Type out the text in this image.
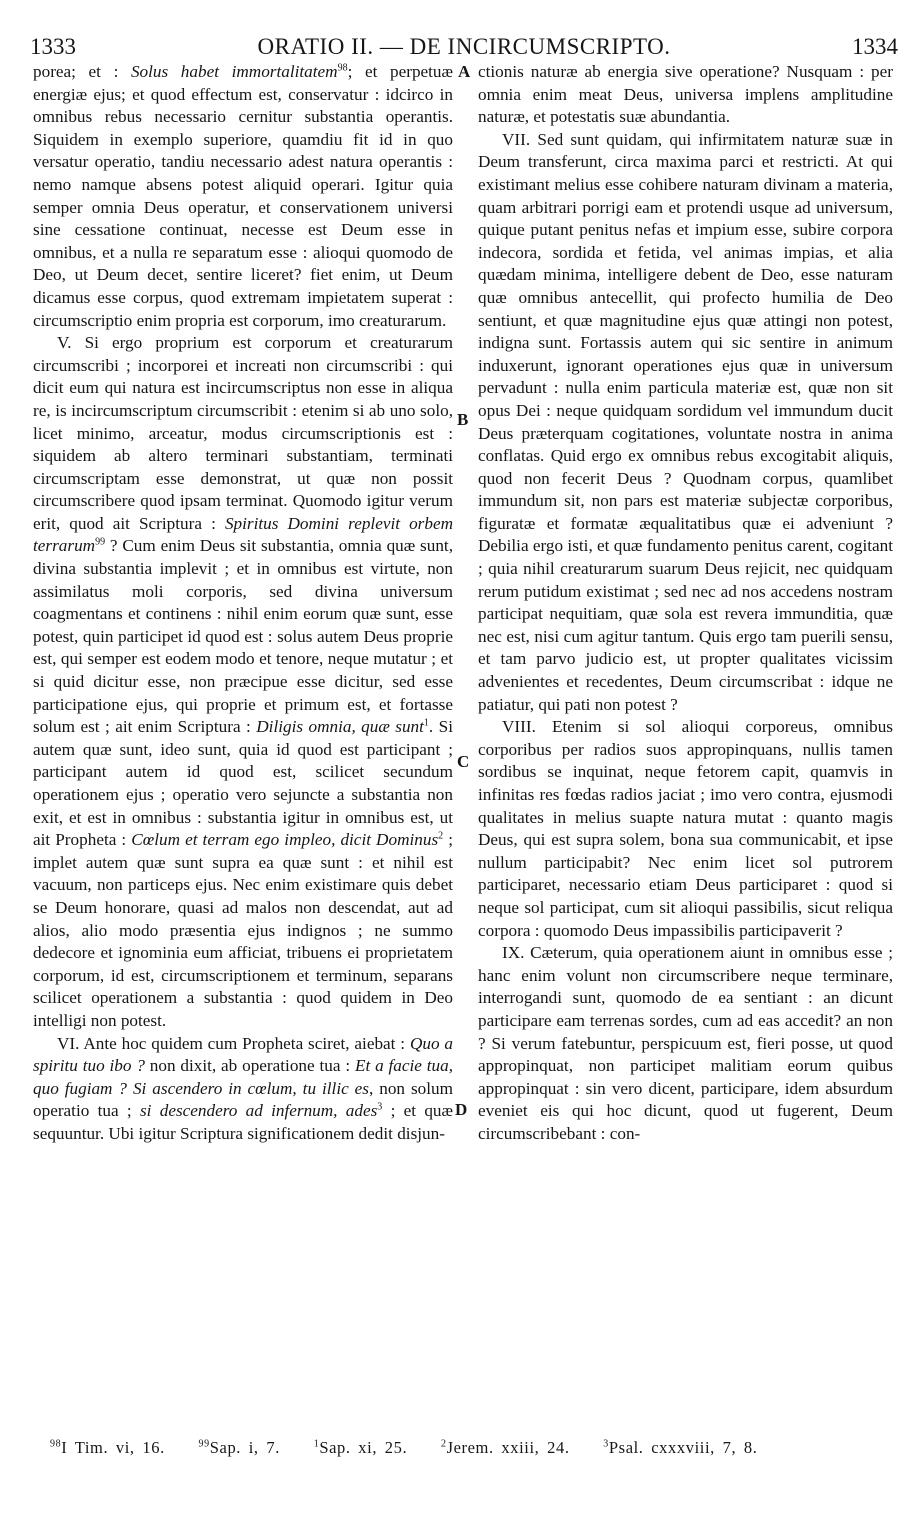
1333	ORATIO II. — DE INCIRCUMSCRIPTO.	1334

porea; et : Solus habet immortalitatem$^{98}$; et perpetuæ energiæ ejus; et quod effectum est, conservatur : idcirco in omnibus rebus necessario cernitur substantia operantis. Siquidem in exemplo superiore, quamdiu fit id in quo versatur operatio, tandiu necessario adest natura operantis : nemo namque absens potest aliquid operari. Igitur quia semper omnia Deus operatur, et conservationem universi sine cessatione continuat, necesse est Deum esse in omnibus, et a nulla re separatum esse : alioqui quomodo de Deo, ut Deum decet, sentire liceret? fiet enim, ut Deum dicamus esse corpus, quod extremam impietatem superat : circumscriptio enim propria est corporum, imo creaturarum.

V. Si ergo proprium est corporum et creaturarum circumscribi ; incorporei et increati non circumscribi : qui dicit eum qui natura est incircumscriptus non esse in aliqua re, is incircumscriptum circumscribit : etenim si ab uno solo, licet minimo, arceatur, modus circumscriptionis est : siquidem ab altero terminari substantiam, terminati circumscriptam esse demonstrat, ut quæ non possit circumscribere quod ipsam terminat. Quomodo igitur verum erit, quod ait Scriptura : Spiritus Domini replevit orbem terrarum$^{99}$ ? Cum enim Deus sit substantia, omnia quæ sunt, divina substantia implevit ; et in omnibus est virtute, non assimilatus moli corporis, sed divina universum coagmentans et continens : nihil enim eorum quæ sunt, esse potest, quin participet id quod est : solus autem Deus proprie est, qui semper est eodem modo et tenore, neque mutatur ; et si quid dicitur esse, non præcipue esse dicitur, sed esse participatione ejus, qui proprie et primum est, et fortasse solum est ; ait enim Scriptura : Diligis omnia, quæ sunt$^1$. Si autem quæ sunt, ideo sunt, quia id quod est participant ; participant autem id quod est, scilicet secundum operationem ejus ; operatio vero sejuncte a substantia non exit, et est in omnibus : substantia igitur in omnibus est, ut ait Propheta : Cœlum et terram ego impleo, dicit Dominus$^2$ ; implet autem quæ sunt supra ea quæ sunt : et nihil est vacuum, non particeps ejus. Nec enim existimare quis debet se Deum honorare, quasi ad malos non descendat, aut ad alios, alio modo præsentia ejus indignos ; ne summo dedecore et ignominia eum afficiat, tribuens ei proprietatem corporum, id est, circumscriptionem et terminum, separans scilicet operationem a substantia : quod quidem in Deo intelligi non potest.

VI. Ante hoc quidem cum Propheta sciret, aiebat : Quo a spiritu tuo ibo ? non dixit, ab operatione tua : Et a facie tua, quo fugiam ? Si ascendero in cœlum, tu illic es, non solum operatio tua ; si descendero ad infernum, ades$^3$ ; et quæ sequuntur. Ubi igitur Scriptura significationem dedit disjun-

A
B
C
D

ctionis naturæ ab energia sive operatione? Nusquam : per omnia enim meat Deus, universa implens amplitudine naturæ, et potestatis suæ abundantia.

VII. Sed sunt quidam, qui infirmitatem naturæ suæ in Deum transferunt, circa maxima parci et restricti. At qui existimant melius esse cohibere naturam divinam a materia, quam arbitrari porrigi eam et protendi usque ad universum, quique putant penitus nefas et impium esse, subire corpora indecora, sordida et fetida, vel animas impias, et alia quædam minima, intelligere debent de Deo, esse naturam quæ omnibus antecellit, qui profecto humilia de Deo sentiunt, et quæ magnitudine ejus quæ attingi non potest, indigna sunt. Fortassis autem qui sic sentire in animum induxerunt, ignorant operationes ejus quæ in universum pervadunt : nulla enim particula materiæ est, quæ non sit opus Dei : neque quidquam sordidum vel immundum ducit Deus præterquam cogitationes, voluntate nostra in anima conflatas. Quid ergo ex omnibus rebus excogitabit aliquis, quod non fecerit Deus ? Quodnam corpus, quamlibet immundum sit, non pars est materiæ subjectæ corporibus, figuratæ et formatæ æqualitatibus quæ ei adveniunt ? Debilia ergo isti, et quæ fundamento penitus carent, cogitant ; quia nihil creaturarum suarum Deus rejicit, nec quidquam rerum putidum existimat ; sed nec ad nos accedens nostram participat nequitiam, quæ sola est revera immunditia, quæ nec est, nisi cum agitur tantum. Quis ergo tam puerili sensu, et tam parvo judicio est, ut propter qualitates vicissim advenientes et recedentes, Deum circumscribat : idque ne patiatur, qui pati non potest ?

VIII. Etenim si sol alioqui corporeus, omnibus corporibus per radios suos appropinquans, nullis tamen sordibus se inquinat, neque fetorem capit, quamvis in infinitas res fœdas radios jaciat ; imo vero contra, ejusmodi qualitates in melius suapte natura mutat : quanto magis Deus, qui est supra solem, bona sua communicabit, et ipse nullum participabit? Nec enim licet sol putrorem participaret, necessario etiam Deus participaret : quod si neque sol participat, cum sit alioqui passibilis, sicut reliqua corpora : quomodo Deus impassibilis participaverit ?

IX. Cæterum, quia operationem aiunt in omnibus esse ; hanc enim volunt non circumscribere neque terminare, interrogandi sunt, quomodo de ea sentiant : an dicunt participare eam terrenas sordes, cum ad eas accedit? an non ? Si verum fatebuntur, perspicuum est, fieri posse, ut quod appropinquat, non participet malitiam eorum quibus appropinquat : sin vero dicent, participare, idem absurdum eveniet eis qui hoc dicunt, quod ut fugerent, Deum circumscribebant : con-

$^{98}$I Tim. vi, 16.	$^{99}$Sap. i, 7.	$^1$Sap. xi, 25.	$^2$Jerem. xxiii, 24.	$^3$Psal. cxxxviii, 7, 8.
